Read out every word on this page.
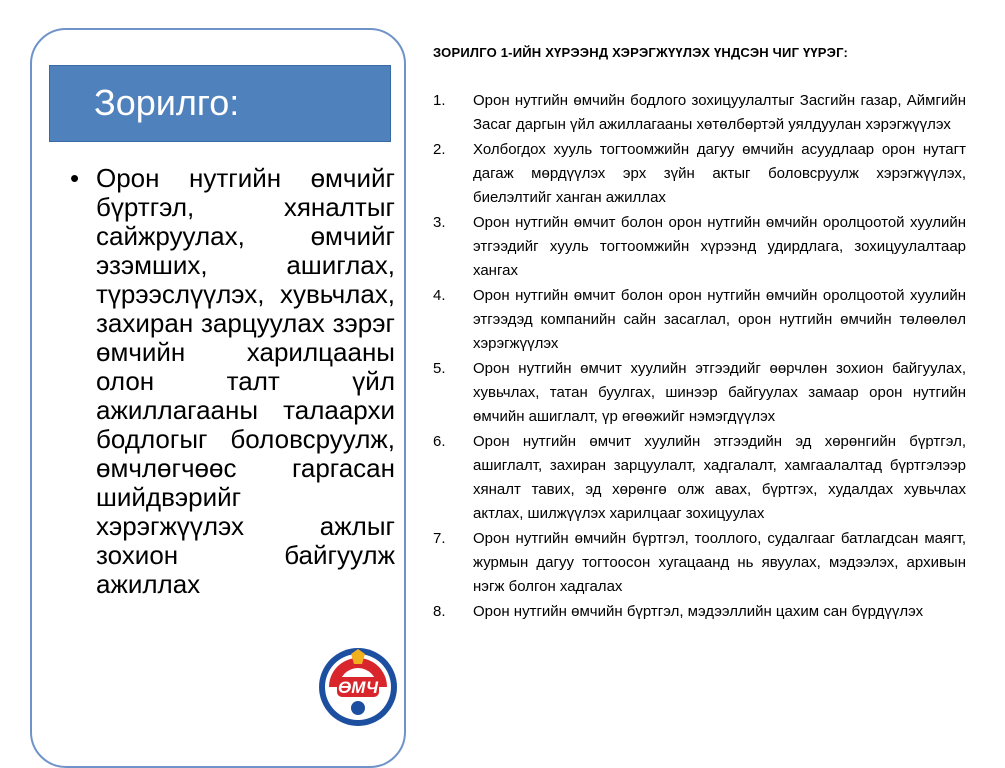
Зорилго:
• Орон нутгийн өмчийг бүртгэл, хяналтыг сайжруулах, өмчийг эзэмших, ашиглах, түрээслүүлэх, хувьчлах, захиран зарцуулах зэрэг өмчийн харилцааны олон талт үйл ажиллагааны талаархи бодлогыг боловсруулж, өмчлөгчөөс гаргасан шийдвэрийг хэрэгжүүлэх ажлыг зохион байгуулж ажиллах
ӨМЧ
ЗОРИЛГО 1-ИЙН ХҮРЭЭНД ХЭРЭГЖҮҮЛЭХ ҮНДСЭН ЧИГ ҮҮРЭГ:
1. Орон нутгийн өмчийн бодлого зохицуулалтыг Засгийн газар, Аймгийн Засаг даргын үйл ажиллагааны хөтөлбөртэй уялдуулан хэрэгжүүлэх
2. Холбогдох хууль тогтоомжийн дагуу өмчийн асуудлаар орон нутагт дагаж мөрдүүлэх эрх зүйн актыг боловсруулж хэрэгжүүлэх, биелэлтийг ханган ажиллах
3. Орон нутгийн өмчит болон орон нутгийн өмчийн оролцоотой хуулийн этгээдийг хууль тогтоомжийн хүрээнд удирдлага, зохицуулалтаар хангах
4. Орон нутгийн өмчит болон орон нутгийн өмчийн оролцоотой хуулийн этгээдэд компанийн сайн засаглал, орон нутгийн өмчийн төлөөлөл хэрэгжүүлэх
5. Орон нутгийн өмчит хуулийн этгээдийг өөрчлөн зохион байгуулах, хувьчлах, татан буулгах, шинээр байгуулах замаар орон нутгийн өмчийн ашиглалт, үр өгөөжийг нэмэгдүүлэх
6. Орон нутгийн өмчит хуулийн этгээдийн эд хөрөнгийн бүртгэл, ашиглалт, захиран зарцуулалт, хадгалалт, хамгаалалтад бүртгэлээр хяналт тавих, эд хөрөнгө олж авах, бүртгэх, худалдах хувьчлах актлах, шилжүүлэх харилцааг зохицуулах
7. Орон нутгийн өмчийн бүртгэл, тооллого, судалгааг батлагдсан маягт, журмын дагуу тогтоосон хугацаанд нь явуулах, мэдээлэх, архивын нэгж болгон хадгалах
8. Орон нутгийн өмчийн бүртгэл, мэдээллийн цахим сан бүрдүүлэх
